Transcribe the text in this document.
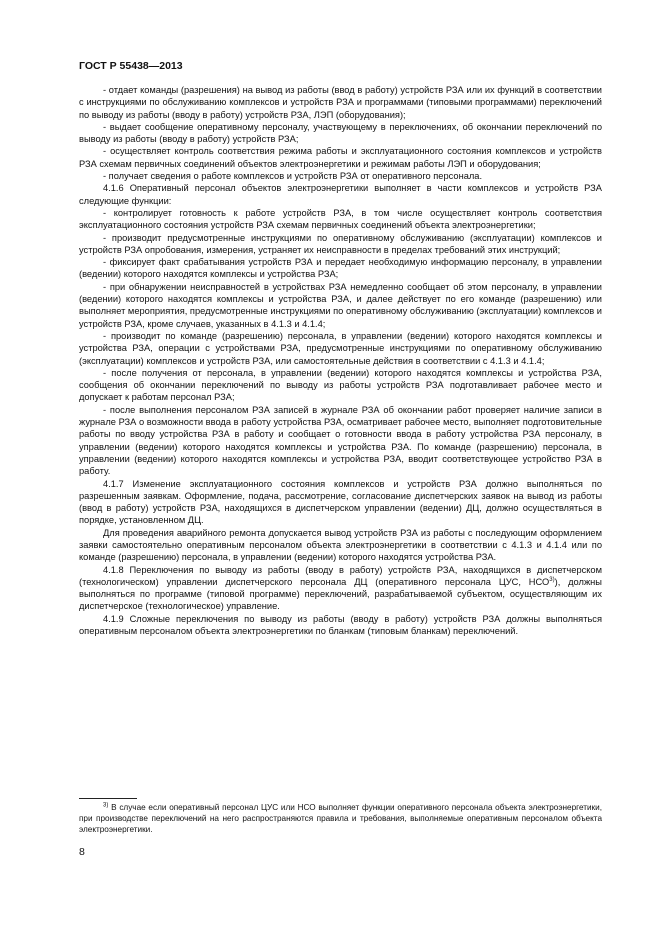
ГОСТ Р 55438—2013

- отдает команды (разрешения) на вывод из работы (ввод в работу) устройств РЗА или их функций в соответствии с инструкциями по обслуживанию комплексов и устройств РЗА и программами (типовыми программами) переключений по выводу из работы (вводу в работу) устройств РЗА, ЛЭП (оборудования);

- выдает сообщение оперативному персоналу, участвующему в переключениях, об окончании переключений по выводу из работы (вводу в работу) устройств РЗА;

- осуществляет контроль соответствия режима работы и эксплуатационного состояния комплексов и устройств РЗА схемам первичных соединений объектов электроэнергетики и режимам работы ЛЭП и оборудования;

- получает сведения о работе комплексов и устройств РЗА от оперативного персонала.

4.1.6 Оперативный персонал объектов электроэнергетики выполняет в части комплексов и устройств РЗА следующие функции:

- контролирует готовность к работе устройств РЗА, в том числе осуществляет контроль соответствия эксплуатационного состояния устройств РЗА схемам первичных соединений объекта электроэнергетики;

- производит предусмотренные инструкциями по оперативному обслуживанию (эксплуатации) комплексов и устройств РЗА опробования, измерения, устраняет их неисправности в пределах требований этих инструкций;

- фиксирует факт срабатывания устройств РЗА и передает необходимую информацию персоналу, в управлении (ведении) которого находятся комплексы и устройства РЗА;

- при обнаружении неисправностей в устройствах РЗА немедленно сообщает об этом персоналу, в управлении (ведении) которого находятся комплексы и устройства РЗА, и далее действует по его команде (разрешению) или выполняет мероприятия, предусмотренные инструкциями по оперативному обслуживанию (эксплуатации) комплексов и устройств РЗА, кроме случаев, указанных в 4.1.3 и 4.1.4;

- производит по команде (разрешению) персонала, в управлении (ведении) которого находятся комплексы и устройства РЗА, операции с устройствами РЗА, предусмотренные инструкциями по оперативному обслуживанию (эксплуатации) комплексов и устройств РЗА, или самостоятельные действия в соответствии с 4.1.3 и 4.1.4;

- после получения от персонала, в управлении (ведении) которого находятся комплексы и устройства РЗА, сообщения об окончании переключений по выводу из работы устройств РЗА подготавливает рабочее место и допускает к работам персонал РЗА;

- после выполнения персоналом РЗА записей в журнале РЗА об окончании работ проверяет наличие записи в журнале РЗА о возможности ввода в работу устройства РЗА, осматривает рабочее место, выполняет подготовительные работы по вводу устройства РЗА в работу и сообщает о готовности ввода в работу устройства РЗА персоналу, в управлении (ведении) которого находятся комплексы и устройства РЗА. По команде (разрешению) персонала, в управлении (ведении) которого находятся комплексы и устройства РЗА, вводит соответствующее устройство РЗА в работу.

4.1.7 Изменение эксплуатационного состояния комплексов и устройств РЗА должно выполняться по разрешенным заявкам. Оформление, подача, рассмотрение, согласование диспетчерских заявок на вывод из работы (ввод в работу) устройств РЗА, находящихся в диспетчерском управлении (ведении) ДЦ, должно осуществляться в порядке, установленном ДЦ.

Для проведения аварийного ремонта допускается вывод устройств РЗА из работы с последующим оформлением заявки самостоятельно оперативным персоналом объекта электроэнергетики в соответствии с 4.1.3 и 4.1.4 или по команде (разрешению) персонала, в управлении (ведении) которого находятся устройства РЗА.

4.1.8 Переключения по выводу из работы (вводу в работу) устройств РЗА, находящихся в диспетчерском (технологическом) управлении диспетчерского персонала ДЦ (оперативного персонала ЦУС, НСО$^{3)}$), должны выполняться по программе (типовой программе) переключений, разрабатываемой субъектом, осуществляющим их диспетчерское (технологическое) управление.

4.1.9 Сложные переключения по выводу из работы (вводу в работу) устройств РЗА должны выполняться оперативным персоналом объекта электроэнергетики по бланкам (типовым бланкам) переключений.

$^{3)}$ В случае если оперативный персонал ЦУС или НСО выполняет функции оперативного персонала объекта электроэнергетики, при производстве переключений на него распространяются правила и требования, выполняемые оперативным персоналом объекта электроэнергетики.

8
